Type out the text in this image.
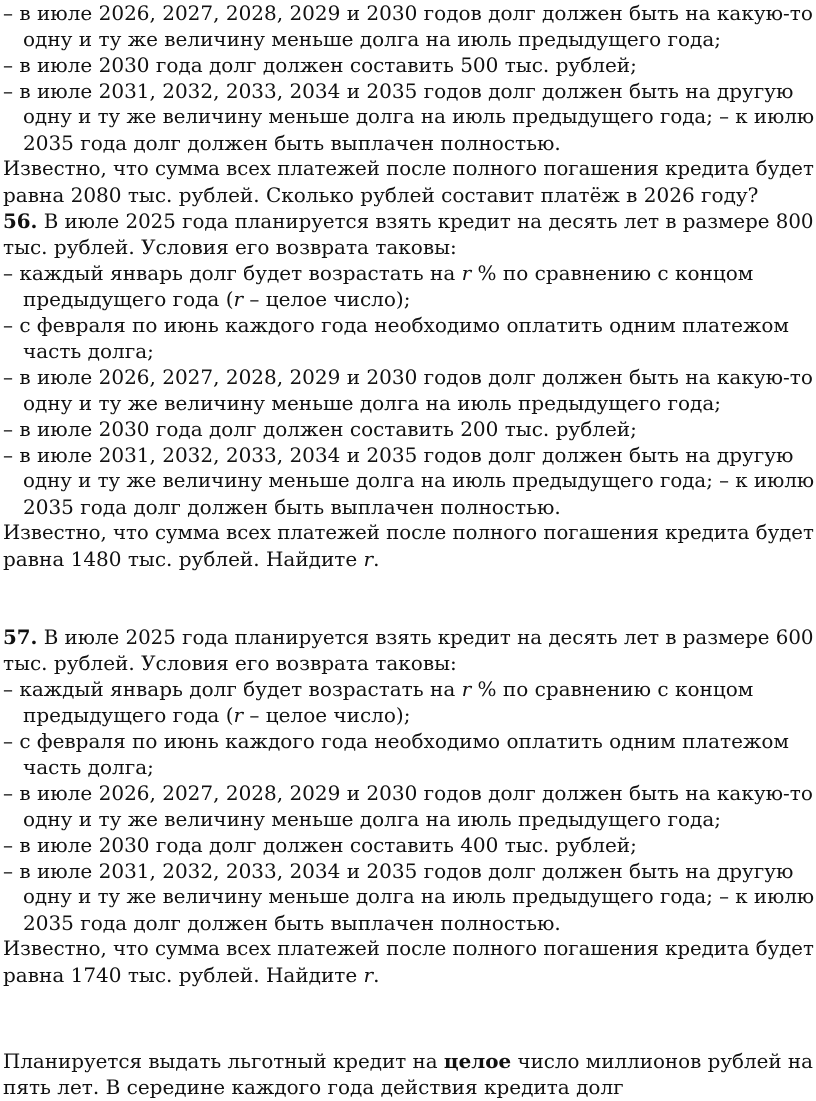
– в июле 2026, 2027, 2028, 2029 и 2030 годов долг должен быть на какую-то
одну и ту же величину меньше долга на июль предыдущего года;
– в июле 2030 года долг должен составить 500 тыс. рублей;
– в июле 2031, 2032, 2033, 2034 и 2035 годов долг должен быть на другую
одну и ту же величину меньше долга на июль предыдущего года; – к июлю
2035 года долг должен быть выплачен полностью.
Известно, что сумма всех платежей после полного погашения кредита будет
равна 2080 тыс. рублей. Сколько рублей составит платёж в 2026 году?
56. В июле 2025 года планируется взять кредит на десять лет в размере 800
тыс. рублей. Условия его возврата таковы:
– каждый январь долг будет возрастать на r % по сравнению с концом
предыдущего года (r – целое число);
– с февраля по июнь каждого года необходимо оплатить одним платежом
часть долга;
– в июле 2026, 2027, 2028, 2029 и 2030 годов долг должен быть на какую-то
одну и ту же величину меньше долга на июль предыдущего года;
– в июле 2030 года долг должен составить 200 тыс. рублей;
– в июле 2031, 2032, 2033, 2034 и 2035 годов долг должен быть на другую
одну и ту же величину меньше долга на июль предыдущего года; – к июлю
2035 года долг должен быть выплачен полностью.
Известно, что сумма всех платежей после полного погашения кредита будет
равна 1480 тыс. рублей. Найдите r.
57. В июле 2025 года планируется взять кредит на десять лет в размере 600
тыс. рублей. Условия его возврата таковы:
– каждый январь долг будет возрастать на r % по сравнению с концом
предыдущего года (r – целое число);
– с февраля по июнь каждого года необходимо оплатить одним платежом
часть долга;
– в июле 2026, 2027, 2028, 2029 и 2030 годов долг должен быть на какую-то
одну и ту же величину меньше долга на июль предыдущего года;
– в июле 2030 года долг должен составить 400 тыс. рублей;
– в июле 2031, 2032, 2033, 2034 и 2035 годов долг должен быть на другую
одну и ту же величину меньше долга на июль предыдущего года; – к июлю
2035 года долг должен быть выплачен полностью.
Известно, что сумма всех платежей после полного погашения кредита будет
равна 1740 тыс. рублей. Найдите r.
Планируется выдать льготный кредит на целое число миллионов рублей на
пять лет. В середине каждого года действия кредита долг
